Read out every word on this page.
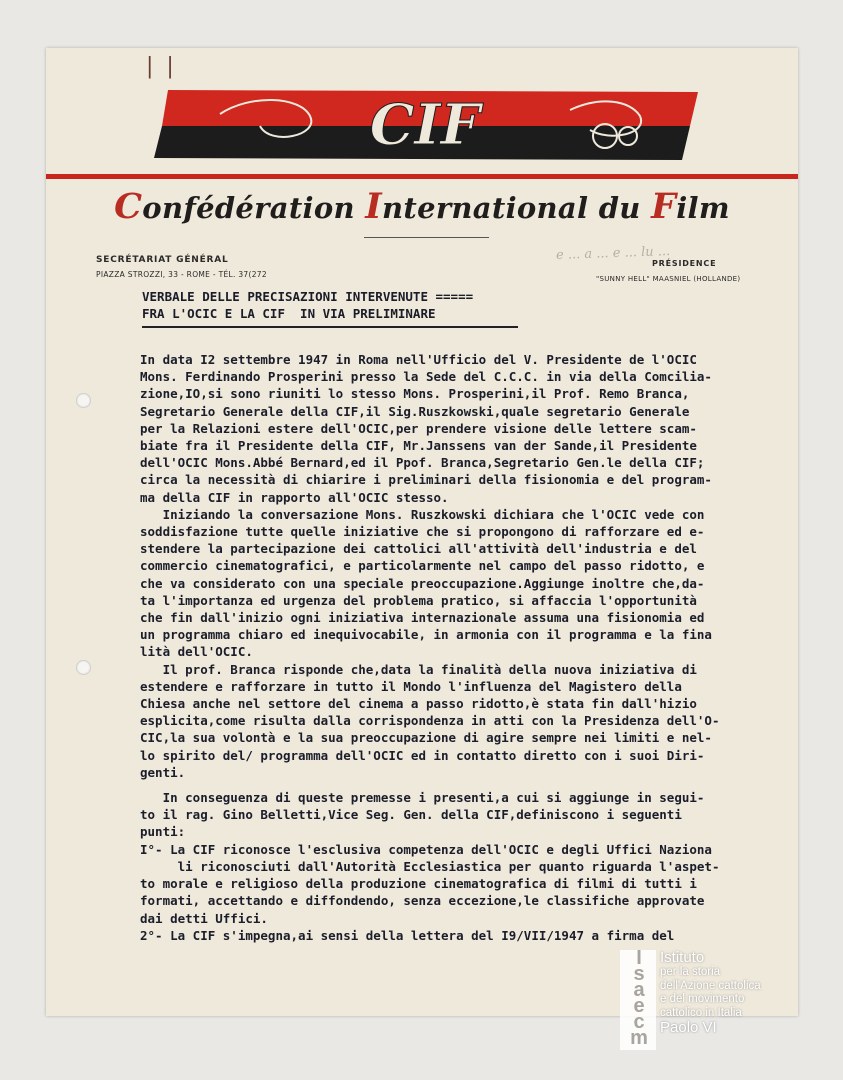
| |
CIF
Confédération International du Film
SECRÉTARIAT GÉNÉRAL
PIAZZA STROZZI, 33 - ROME - TÉL. 37(272
PRÉSIDENCE
"SUNNY HELL" MAASNIEL (HOLLANDE)
e ... a ... e ... lu ...
VERBALE DELLE PRECISAZIONI INTERVENUTE =====
FRA L'OCIC E LA CIF  IN VIA PRELIMINARE
In data I2 settembre 1947 in Roma nell'Ufficio del V. Presidente de l'OCIC
Mons. Ferdinando Prosperini presso la Sede del C.C.C. in via della Comcilia-
zione,IO,si sono riuniti lo stesso Mons. Prosperini,il Prof. Remo Branca,
Segretario Generale della CIF,il Sig.Ruszkowski,quale segretario Generale
per la Relazioni estere dell'OCIC,per prendere visione delle lettere scam-
biate fra il Presidente della CIF, Mr.Janssens van der Sande,il Presidente
dell'OCIC Mons.Abbé Bernard,ed il Ppof. Branca,Segretario Gen.le della CIF;
circa la necessità di chiarire i preliminari della fisionomia e del program-
ma della CIF in rapporto all'OCIC stesso.
Iniziando la conversazione Mons. Ruszkowski dichiara che l'OCIC vede con
soddisfazione tutte quelle iniziative che si propongono di rafforzare ed e-
stendere la partecipazione dei cattolici all'attività dell'industria e del
commercio cinematografici, e particolarmente nel campo del passo ridotto, e
che va considerato con una speciale preoccupazione.Aggiunge inoltre che,da-
ta l'importanza ed urgenza del problema pratico, si affaccia l'opportunità
che fin dall'inizio ogni iniziativa internazionale assuma una fisionomia ed
un programma chiaro ed inequivocabile, in armonia con il programma e la fina
lità dell'OCIC.
Il prof. Branca risponde che,data la finalità della nuova iniziativa di
estendere e rafforzare in tutto il Mondo l'influenza del Magistero della
Chiesa anche nel settore del cinema a passo ridotto,è stata fin dall'hizio
esplicita,come risulta dalla corrispondenza in atti con la Presidenza dell'O-
CIC,la sua volontà e la sua preoccupazione di agire sempre nei limiti e nel-
lo spirito del/ programma dell'OCIC ed in contatto diretto con i suoi Diri-
genti.
In conseguenza di queste premesse i presenti,a cui si aggiunge in segui-
to il rag. Gino Belletti,Vice Seg. Gen. della CIF,definiscono i seguenti
punti:
I°- La CIF riconosce l'esclusiva competenza dell'OCIC e degli Uffici Naziona
li riconosciuti dall'Autorità Ecclesiastica per quanto riguarda l'aspet-
to morale e religioso della produzione cinematografica di filmi di tutti i
formati, accettando e diffondendo, senza eccezione,le classifiche approvate
dai detti Uffici.
2°- La CIF s'impegna,ai sensi della lettera del I9/VII/1947 a firma del
I
s
a
e
c
m
Istituto
per la storia
dell'Azione cattolica
e del movimento
cattolico in Italia
Paolo VI
